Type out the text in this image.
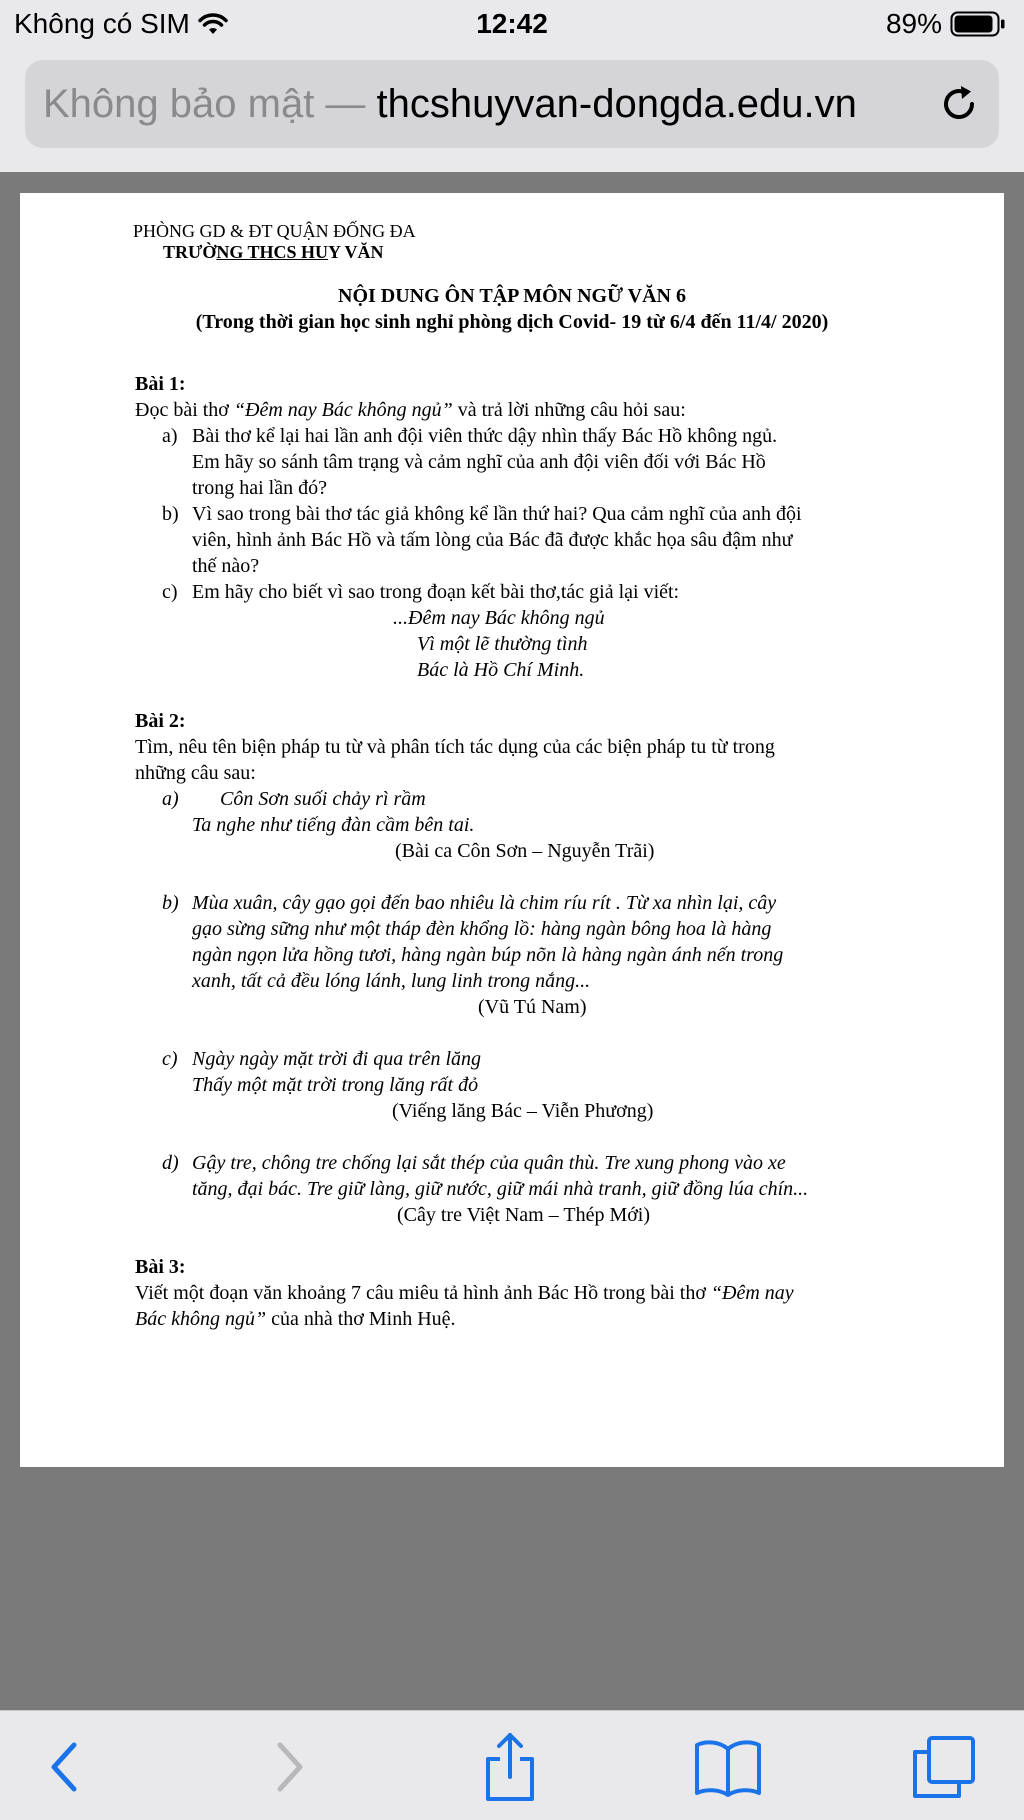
Không có SIM	12:42	89%
Không bảo mật — thcshuyvan-dongda.edu.vn
PHÒNG GD & ĐT QUẬN ĐỐNG ĐA
TRƯỜNG THCS HUY VĂN
NỘI DUNG ÔN TẬP MÔN NGỮ VĂN 6
(Trong thời gian học sinh nghỉ phòng dịch Covid- 19 từ 6/4 đến 11/4/ 2020)
Bài 1:
Đọc bài thơ “Đêm nay Bác không ngủ” và trả lời những câu hỏi sau:
a) Bài thơ kể lại hai lần anh đội viên thức dậy nhìn thấy Bác Hồ không ngủ.
Em hãy so sánh tâm trạng và cảm nghĩ của anh đội viên đối với Bác Hồ
trong hai lần đó?
b) Vì sao trong bài thơ tác giả không kể lần thứ hai? Qua cảm nghĩ của anh đội
viên, hình ảnh Bác Hồ và tấm lòng của Bác đã được khắc họa sâu đậm như
thế nào?
c) Em hãy cho biết vì sao trong đoạn kết bài thơ,tác giả lại viết:
...Đêm nay Bác không ngủ
Vì một lẽ thường tình
Bác là Hồ Chí Minh.
Bài 2:
Tìm, nêu tên biện pháp tu từ và phân tích tác dụng của các biện pháp tu từ trong
những câu sau:
a) Côn Sơn suối chảy rì rầm
Ta nghe như tiếng đàn cầm bên tai.
(Bài ca Côn Sơn – Nguyễn Trãi)
b) Mùa xuân, cây gạo gọi đến bao nhiêu là chim ríu rít . Từ xa nhìn lại, cây
gạo sừng sững như một tháp đèn khổng lồ: hàng ngàn bông hoa là hàng
ngàn ngọn lửa hồng tươi, hàng ngàn búp nõn là hàng ngàn ánh nến trong
xanh, tất cả đều lóng lánh, lung linh trong nắng...
(Vũ Tú Nam)
c) Ngày ngày mặt trời đi qua trên lăng
Thấy một mặt trời trong lăng rất đỏ
(Viếng lăng Bác – Viễn Phương)
d) Gậy tre, chông tre chống lại sắt thép của quân thù. Tre xung phong vào xe
tăng, đại bác. Tre giữ làng, giữ nước, giữ mái nhà tranh, giữ đồng lúa chín...
(Cây tre Việt Nam – Thép Mới)
Bài 3:
Viết một đoạn văn khoảng 7 câu miêu tả hình ảnh Bác Hồ trong bài thơ “Đêm nay
Bác không ngủ” của nhà thơ Minh Huệ.
